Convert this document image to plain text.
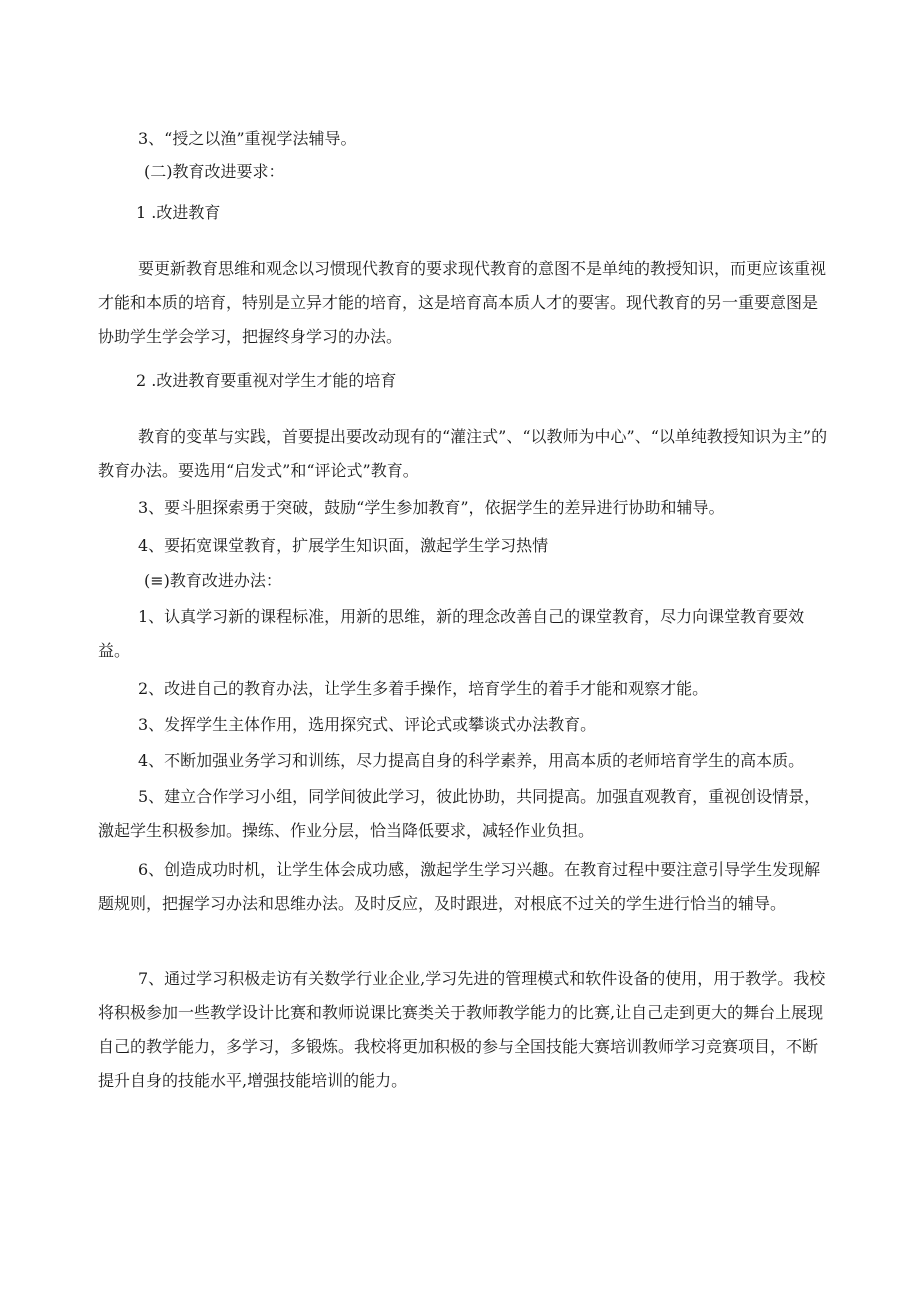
3、“授之以渔”重视学法辅导。

(二)教育改进要求：

1 .改进教育

要更新教育思维和观念以习惯现代教育的要求现代教育的意图不是单纯的教授知识，而更应该重视才能和本质的培育，特别是立异才能的培育，这是培育高本质人才的要害。现代教育的另一重要意图是协助学生学会学习，把握终身学习的办法。

2 .改进教育要重视对学生才能的培育

教育的变革与实践，首要提出要改动现有的“灌注式”、“以教师为中心”、“以单纯教授知识为主”的教育办法。要选用“启发式”和“评论式”教育。

3、要斗胆探索勇于突破，鼓励“学生参加教育”，依据学生的差异进行协助和辅导。

4、要拓宽课堂教育，扩展学生知识面，激起学生学习热情

(≡)教育改进办法：

1、认真学习新的课程标准，用新的思维，新的理念改善自己的课堂教育，尽力向课堂教育要效益。

2、改进自己的教育办法，让学生多着手操作，培育学生的着手才能和观察才能。

3、发挥学生主体作用，选用探究式、评论式或攀谈式办法教育。

4、不断加强业务学习和训练，尽力提高自身的科学素养，用高本质的老师培育学生的高本质。

5、建立合作学习小组，同学间彼此学习，彼此协助，共同提高。加强直观教育，重视创设情景，激起学生积极参加。操练、作业分层，恰当降低要求，减轻作业负担。

6、创造成功时机，让学生体会成功感，激起学生学习兴趣。在教育过程中要注意引导学生发现解题规则，把握学习办法和思维办法。及时反应，及时跟进，对根底不过关的学生进行恰当的辅导。

7、通过学习积极走访有关数学行业企业,学习先进的管理模式和软件设备的使用，用于教学。我校将积极参加一些教学设计比赛和教师说课比赛类关于教师教学能力的比赛,让自己走到更大的舞台上展现自己的教学能力，多学习，多锻炼。我校将更加积极的参与全国技能大赛培训教师学习竞赛项目，不断提升自身的技能水平,增强技能培训的能力。
